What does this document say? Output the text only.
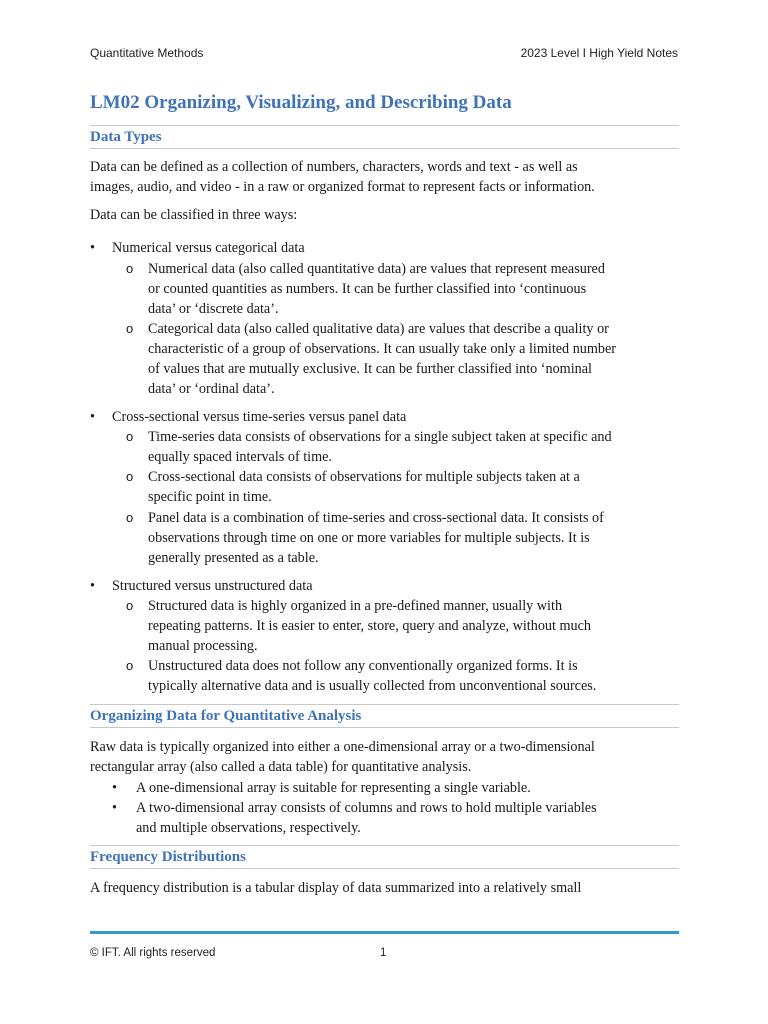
Quantitative Methods	2023 Level I High Yield Notes
LM02 Organizing, Visualizing, and Describing Data
Data Types
Data can be defined as a collection of numbers, characters, words and text - as well as
images, audio, and video - in a raw or organized format to represent facts or information.
Data can be classified in three ways:
• Numerical versus categorical data
o Numerical data (also called quantitative data) are values that represent measured
or counted quantities as numbers. It can be further classified into ‘continuous
data’ or ‘discrete data’.
o Categorical data (also called qualitative data) are values that describe a quality or
characteristic of a group of observations. It can usually take only a limited number
of values that are mutually exclusive. It can be further classified into ‘nominal
data’ or ‘ordinal data’.
• Cross-sectional versus time-series versus panel data
o Time-series data consists of observations for a single subject taken at specific and
equally spaced intervals of time.
o Cross-sectional data consists of observations for multiple subjects taken at a
specific point in time.
o Panel data is a combination of time-series and cross-sectional data. It consists of
observations through time on one or more variables for multiple subjects. It is
generally presented as a table.
• Structured versus unstructured data
o Structured data is highly organized in a pre-defined manner, usually with
repeating patterns. It is easier to enter, store, query and analyze, without much
manual processing.
o Unstructured data does not follow any conventionally organized forms. It is
typically alternative data and is usually collected from unconventional sources.
Organizing Data for Quantitative Analysis
Raw data is typically organized into either a one-dimensional array or a two-dimensional
rectangular array (also called a data table) for quantitative analysis.
• A one-dimensional array is suitable for representing a single variable.
• A two-dimensional array consists of columns and rows to hold multiple variables
and multiple observations, respectively.
Frequency Distributions
A frequency distribution is a tabular display of data summarized into a relatively small
© IFT. All rights reserved	1
